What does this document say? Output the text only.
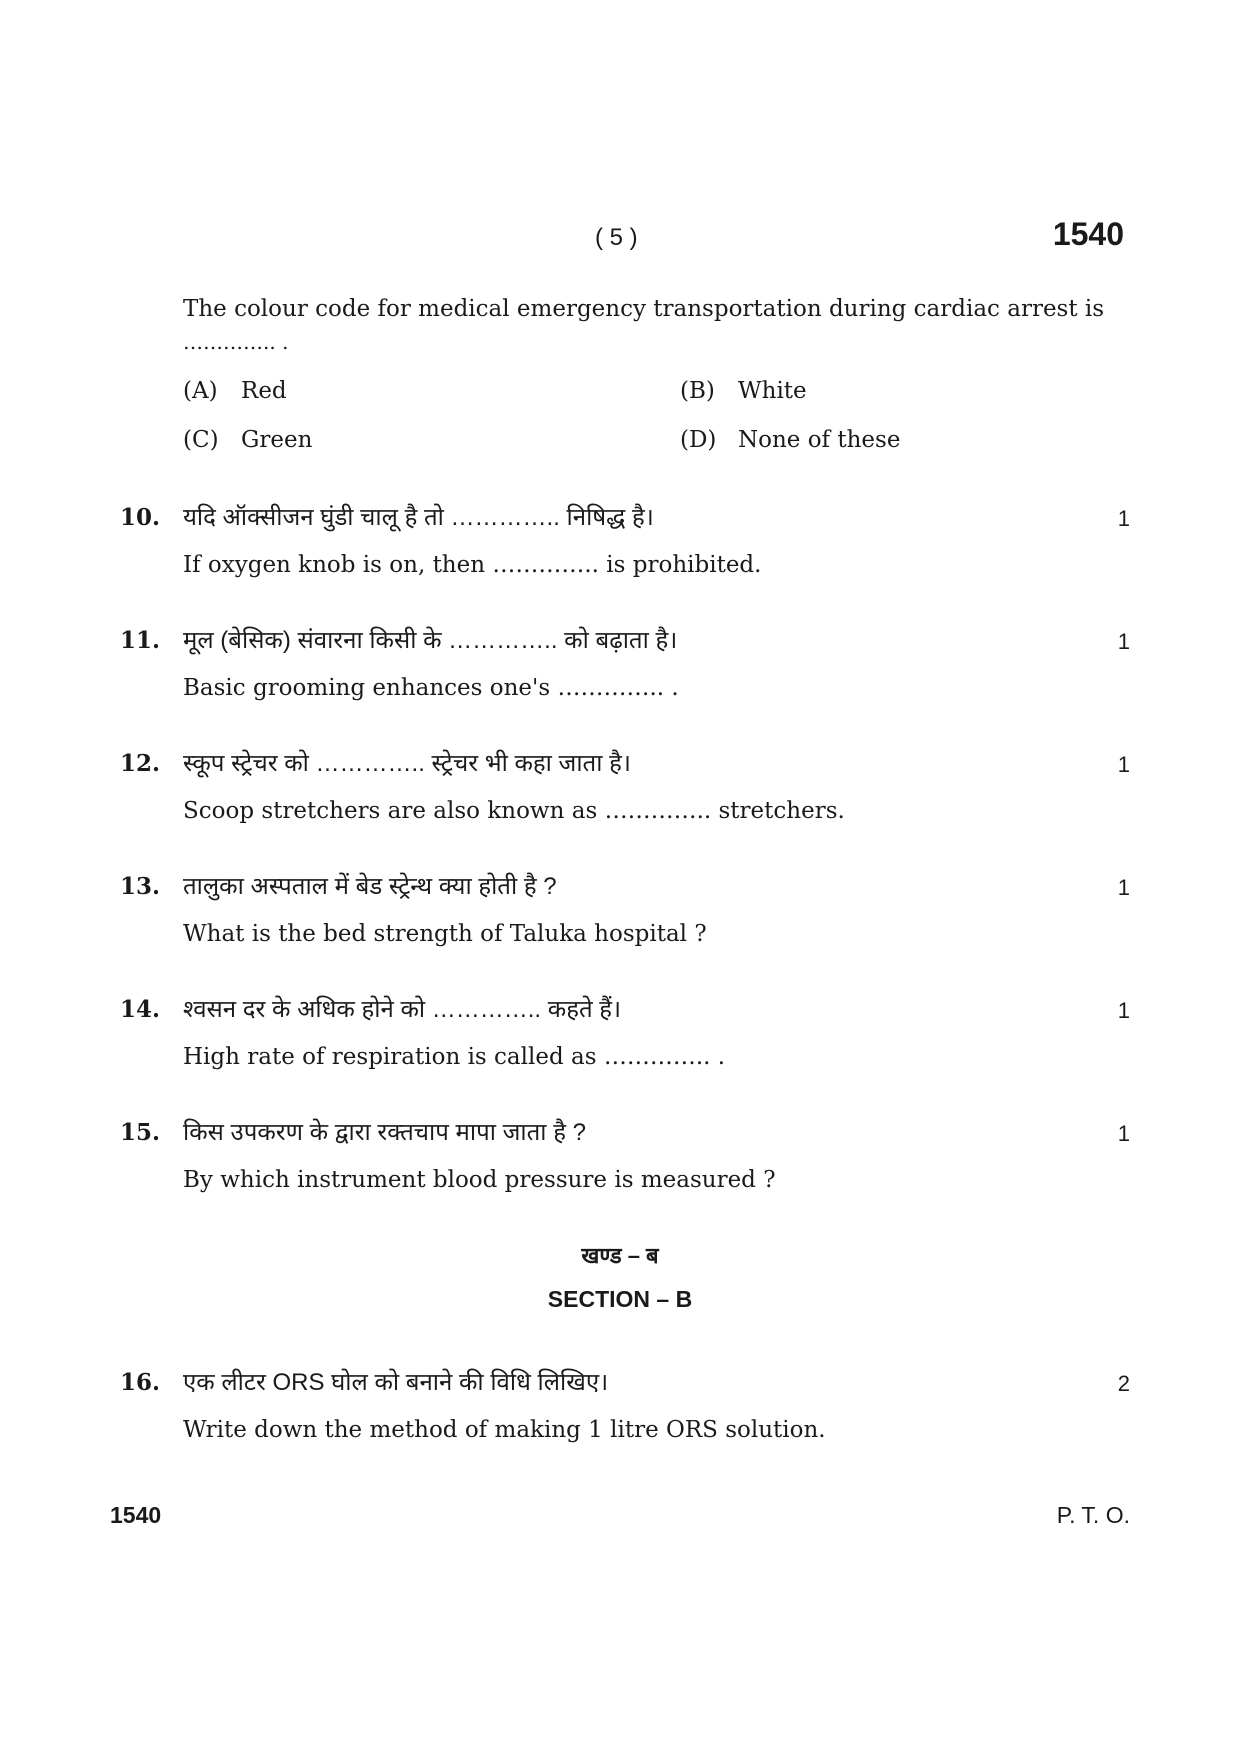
( 5 )	1540
The colour code for medical emergency transportation during cardiac arrest is
………….. .
(A) Red	(B) White
(C) Green	(D) None of these
10. यदि ऑक्सीजन घुंडी चालू है तो ………….. निषिद्ध है।	1
If oxygen knob is on, then ………….. is prohibited.
11. मूल (बेसिक) संवारना किसी के ………….. को बढ़ाता है।	1
Basic grooming enhances one's ………….. .
12. स्कूप स्ट्रेचर को ………….. स्ट्रेचर भी कहा जाता है।	1
Scoop stretchers are also known as ………….. stretchers.
13. तालुका अस्पताल में बेड स्ट्रेन्थ क्या होती है ?	1
What is the bed strength of Taluka hospital ?
14. श्वसन दर के अधिक होने को ………….. कहते हैं।	1
High rate of respiration is called as ………….. .
15. किस उपकरण के द्वारा रक्तचाप मापा जाता है ?	1
By which instrument blood pressure is measured ?
खण्ड – ब
SECTION – B
16. एक लीटर ORS घोल को बनाने की विधि लिखिए।	2
Write down the method of making 1 litre ORS solution.
1540	P. T. O.
